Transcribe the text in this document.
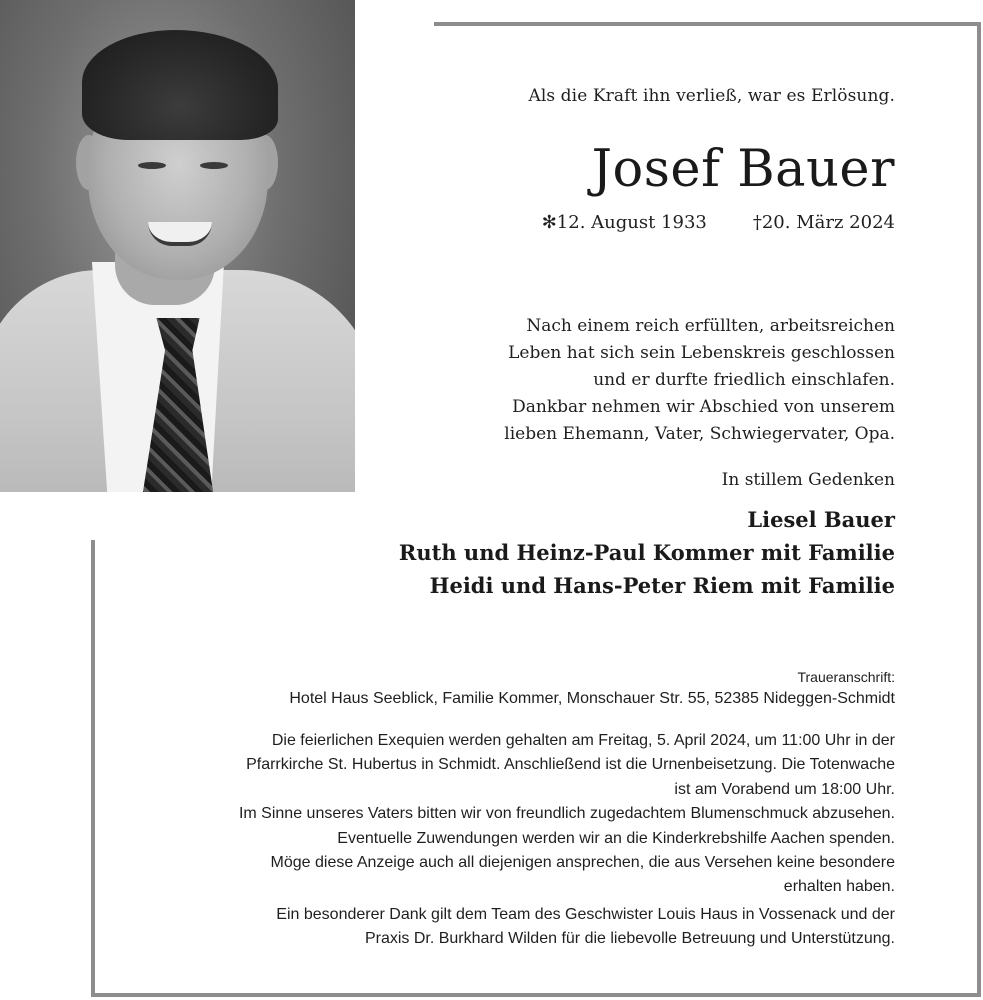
Als die Kraft ihn verließ, war es Erlösung.
Josef Bauer
✻12. August 1933	†20. März 2024
Nach einem reich erfüllten, arbeitsreichen
Leben hat sich sein Lebenskreis geschlossen
und er durfte friedlich einschlafen.
Dankbar nehmen wir Abschied von unserem
lieben Ehemann, Vater, Schwiegervater, Opa.
In stillem Gedenken
Liesel Bauer
Ruth und Heinz-Paul Kommer mit Familie
Heidi und Hans-Peter Riem mit Familie
Traueranschrift:
Hotel Haus Seeblick, Familie Kommer, Monschauer Str. 55, 52385 Nideggen-Schmidt
Die feierlichen Exequien werden gehalten am Freitag, 5. April 2024, um 11:00 Uhr in der
Pfarrkirche St. Hubertus in Schmidt. Anschließend ist die Urnenbeisetzung. Die Totenwache
ist am Vorabend um 18:00 Uhr.
Im Sinne unseres Vaters bitten wir von freundlich zugedachtem Blumenschmuck abzusehen.
Eventuelle Zuwendungen werden wir an die Kinderkrebshilfe Aachen spenden.
Möge diese Anzeige auch all diejenigen ansprechen, die aus Versehen keine besondere
erhalten haben.
Ein besonderer Dank gilt dem Team des Geschwister Louis Haus in Vossenack und der
Praxis Dr. Burkhard Wilden für die liebevolle Betreuung und Unterstützung.
